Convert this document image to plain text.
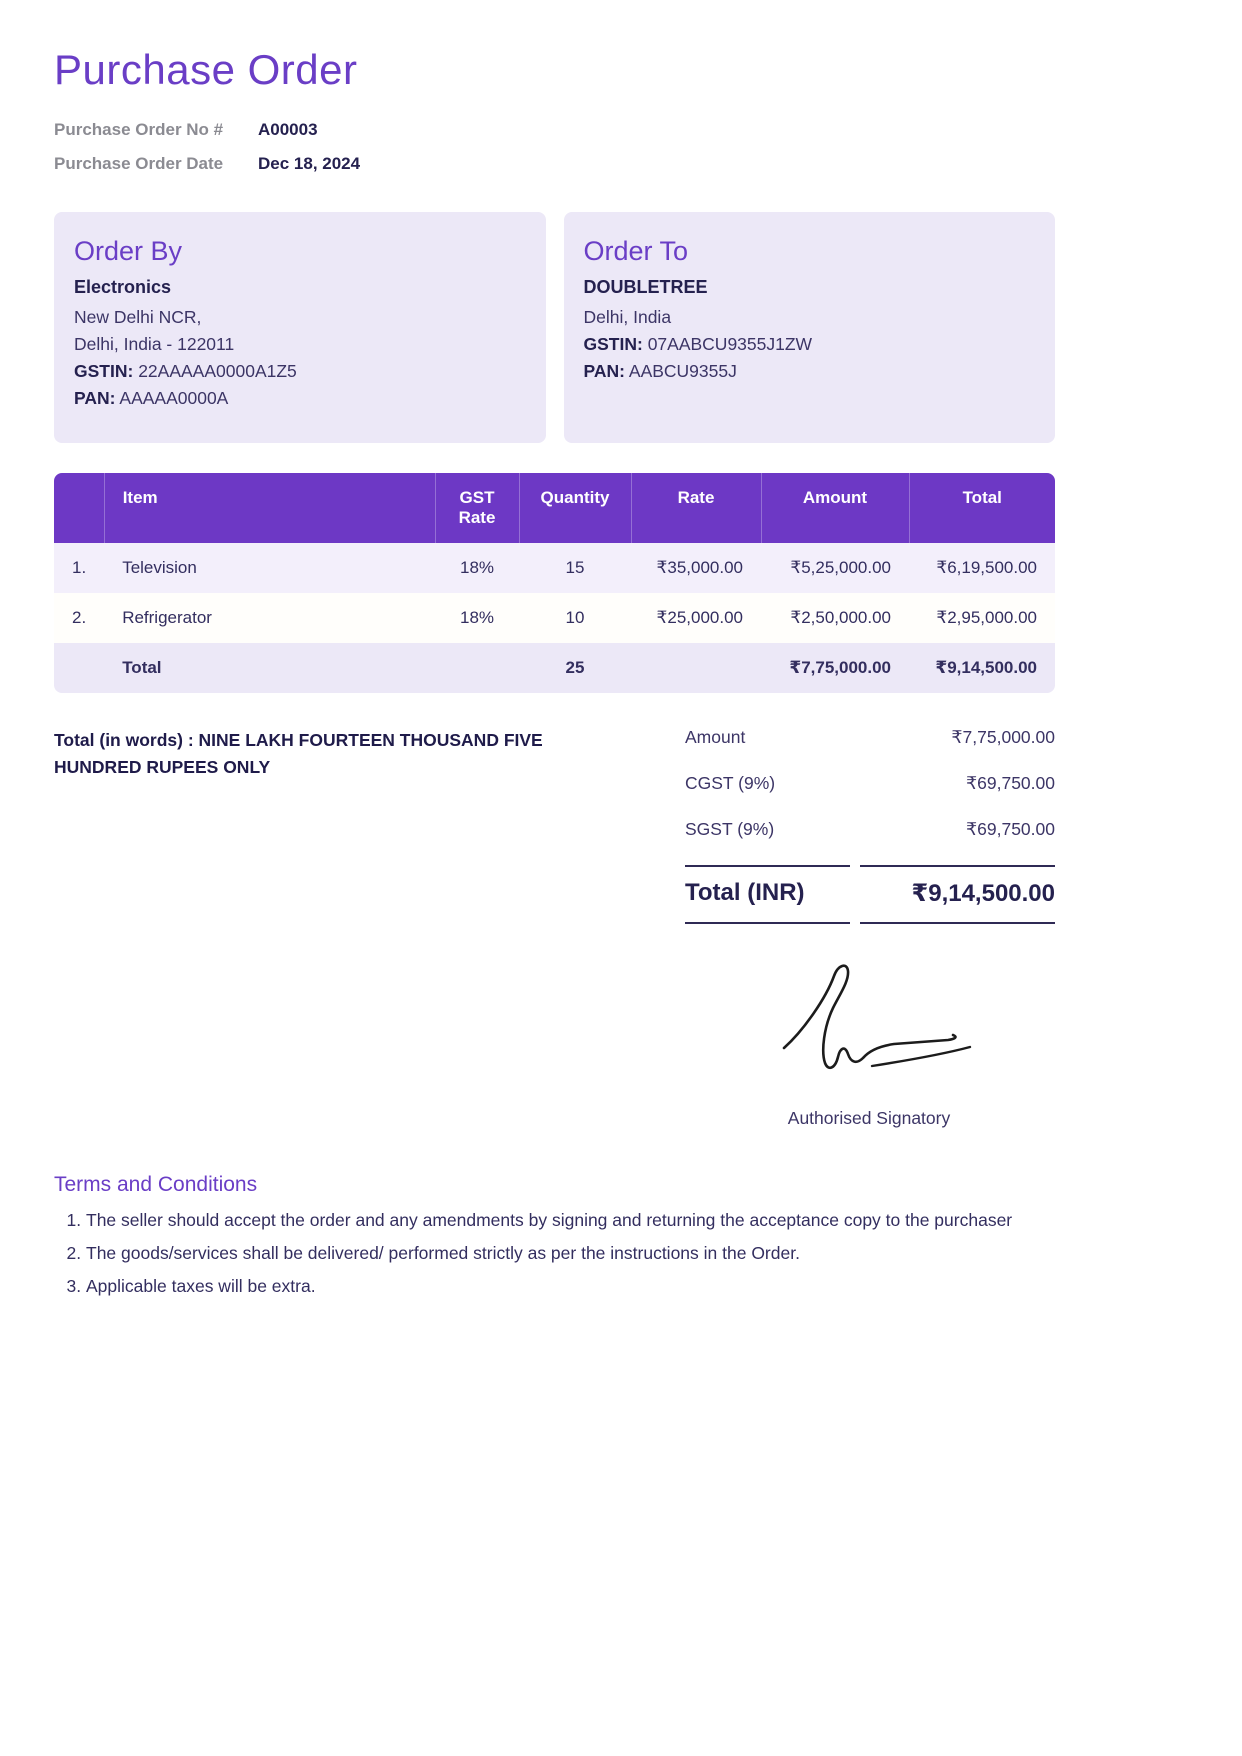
Purchase Order
Purchase Order No #	A00003
Purchase Order Date	Dec 18, 2024
Order By
Electronics
New Delhi NCR,
Delhi, India - 122011
GSTIN: 22AAAAA0000A1Z5
PAN: AAAAA0000A
Order To
DOUBLETREE
Delhi, India
GSTIN: 07AABCU9355J1ZW
PAN: AABCU9355J
	Item	GST Rate	Quantity	Rate	Amount	Total
1.	Television	18%	15	₹35,000.00	₹5,25,000.00	₹6,19,500.00
2.	Refrigerator	18%	10	₹25,000.00	₹2,50,000.00	₹2,95,000.00
	Total		25		₹7,75,000.00	₹9,14,500.00
Total (in words) : NINE LAKH FOURTEEN THOUSAND FIVE HUNDRED RUPEES ONLY
Amount	₹7,75,000.00
CGST (9%)	₹69,750.00
SGST (9%)	₹69,750.00
Total (INR)	₹9,14,500.00
Authorised Signatory
Terms and Conditions
1. The seller should accept the order and any amendments by signing and returning the acceptance copy to the purchaser
2. The goods/services shall be delivered/ performed strictly as per the instructions in the Order.
3. Applicable taxes will be extra.
